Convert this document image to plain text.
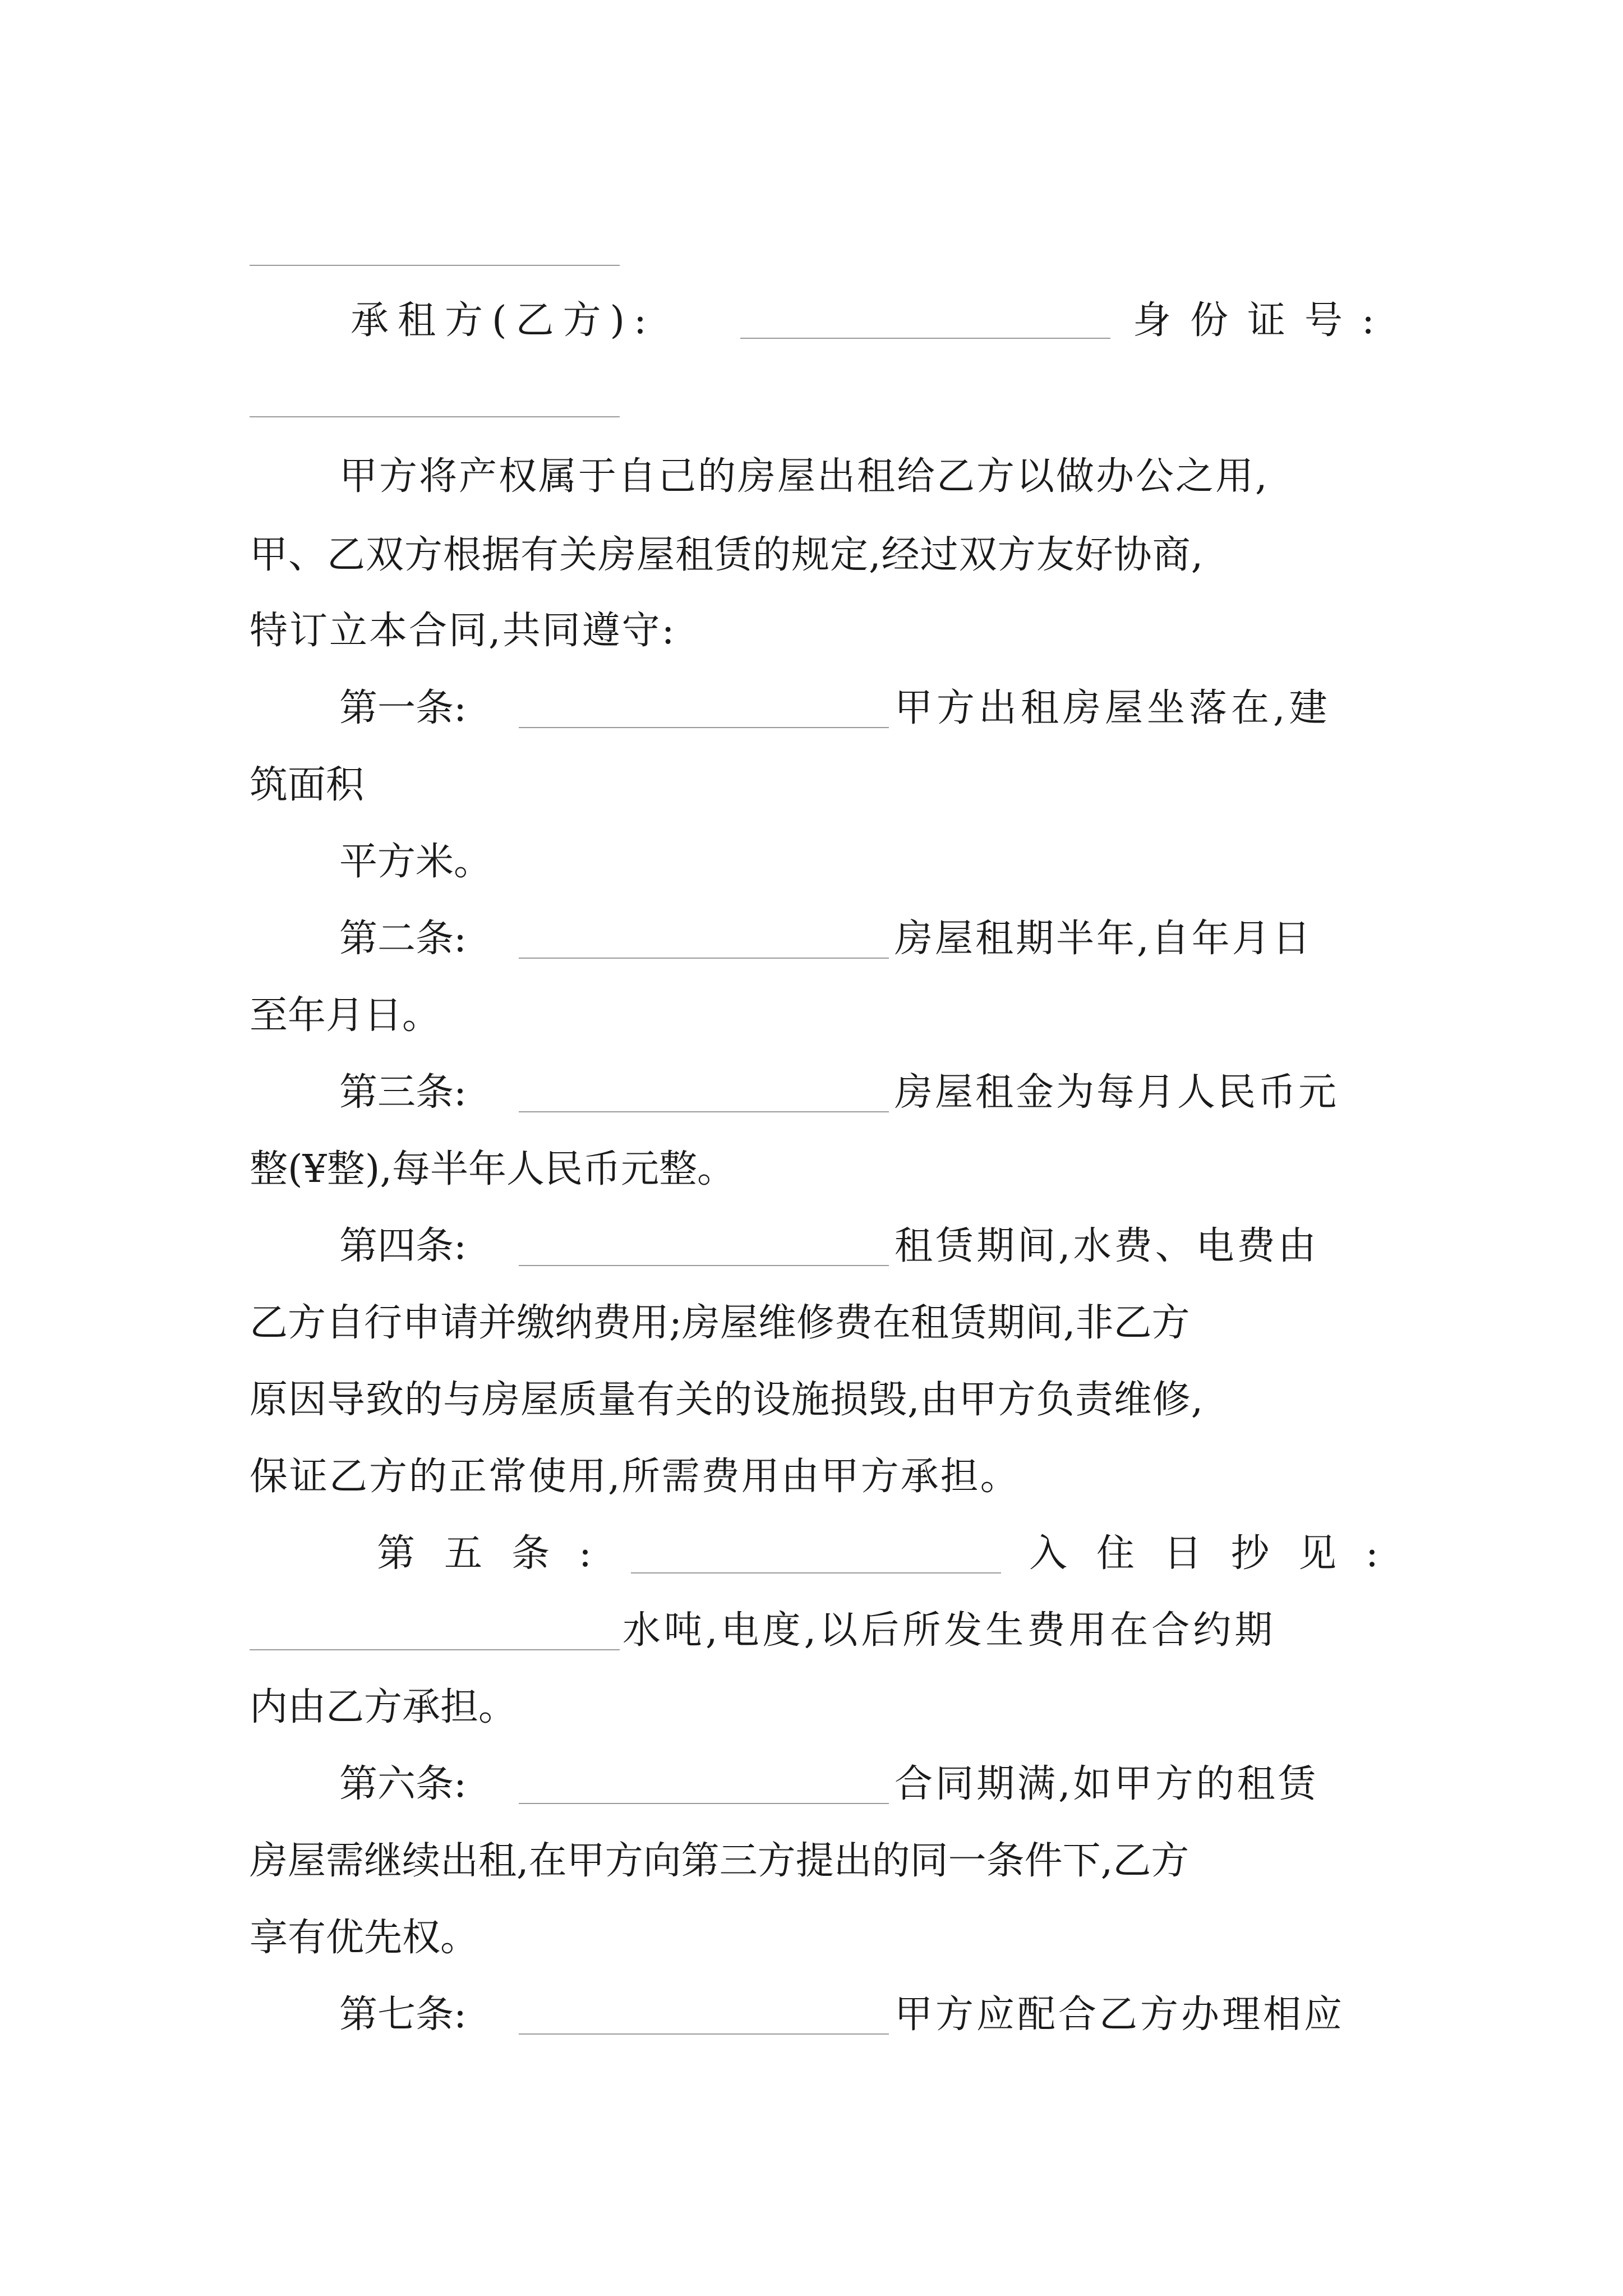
承租方(乙方):	身份证号:
甲方将产权属于自己的房屋出租给乙方以做办公之用,
甲、乙双方根据有关房屋租赁的规定,经过双方友好协商,
特订立本合同,共同遵守:
第一条:	甲方出租房屋坐落在,建
筑面积
平方米。
第二条:	房屋租期半年,自年月日
至年月日。
第三条:	房屋租金为每月人民币元
整(¥整),每半年人民币元整。
第四条:	租赁期间,水费、电费由
乙方自行申请并缴纳费用;房屋维修费在租赁期间,非乙方
原因导致的与房屋质量有关的设施损毁,由甲方负责维修,
保证乙方的正常使用,所需费用由甲方承担。
第五条:	入住日抄见:
水吨,电度,以后所发生费用在合约期
内由乙方承担。
第六条:	合同期满,如甲方的租赁
房屋需继续出租,在甲方向第三方提出的同一条件下,乙方
享有优先权。
第七条:	甲方应配合乙方办理相应
